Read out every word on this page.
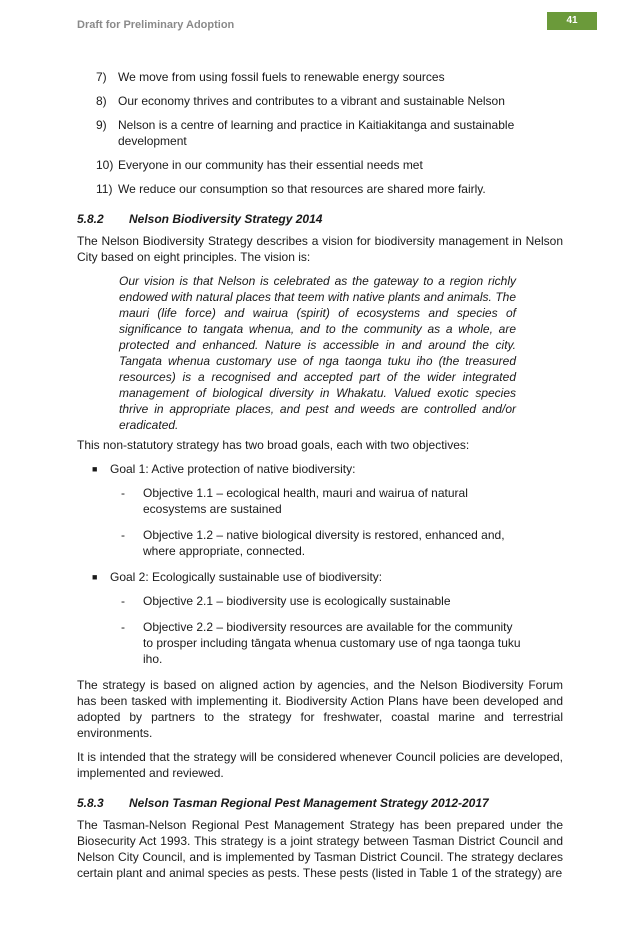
Draft for Preliminary Adoption	41
7) We move from using fossil fuels to renewable energy sources
8) Our economy thrives and contributes to a vibrant and sustainable Nelson
9) Nelson is a centre of learning and practice in Kaitiakitanga and sustainable development
10) Everyone in our community has their essential needs met
11) We reduce our consumption so that resources are shared more fairly.
5.8.2	Nelson Biodiversity Strategy 2014

The Nelson Biodiversity Strategy describes a vision for biodiversity management in Nelson City based on eight principles. The vision is:

Our vision is that Nelson is celebrated as the gateway to a region richly endowed with natural places that teem with native plants and animals. The mauri (life force) and wairua (spirit) of ecosystems and species of significance to tangata whenua, and to the community as a whole, are protected and enhanced. Nature is accessible in and around the city. Tangata whenua customary use of nga taonga tuku iho (the treasured resources) is a recognised and accepted part of the wider integrated management of biological diversity in Whakatu. Valued exotic species thrive in appropriate places, and pest and weeds are controlled and/or eradicated.

This non-statutory strategy has two broad goals, each with two objectives:

■	Goal 1: Active protection of native biodiversity:
-	Objective 1.1 – ecological health, mauri and wairua of natural ecosystems are sustained
-	Objective 1.2 – native biological diversity is restored, enhanced and, where appropriate, connected.
■	Goal 2: Ecologically sustainable use of biodiversity:
-	Objective 2.1 – biodiversity use is ecologically sustainable
-	Objective 2.2 – biodiversity resources are available for the community to prosper including tāngata whenua customary use of nga taonga tuku iho.

The strategy is based on aligned action by agencies, and the Nelson Biodiversity Forum has been tasked with implementing it. Biodiversity Action Plans have been developed and adopted by partners to the strategy for freshwater, coastal marine and terrestrial environments.

It is intended that the strategy will be considered whenever Council policies are developed, implemented and reviewed.

5.8.3	Nelson Tasman Regional Pest Management Strategy 2012-2017

The Tasman-Nelson Regional Pest Management Strategy has been prepared under the Biosecurity Act 1993. This strategy is a joint strategy between Tasman District Council and Nelson City Council, and is implemented by Tasman District Council. The strategy declares certain plant and animal species as pests. These pests (listed in Table 1 of the strategy) are
